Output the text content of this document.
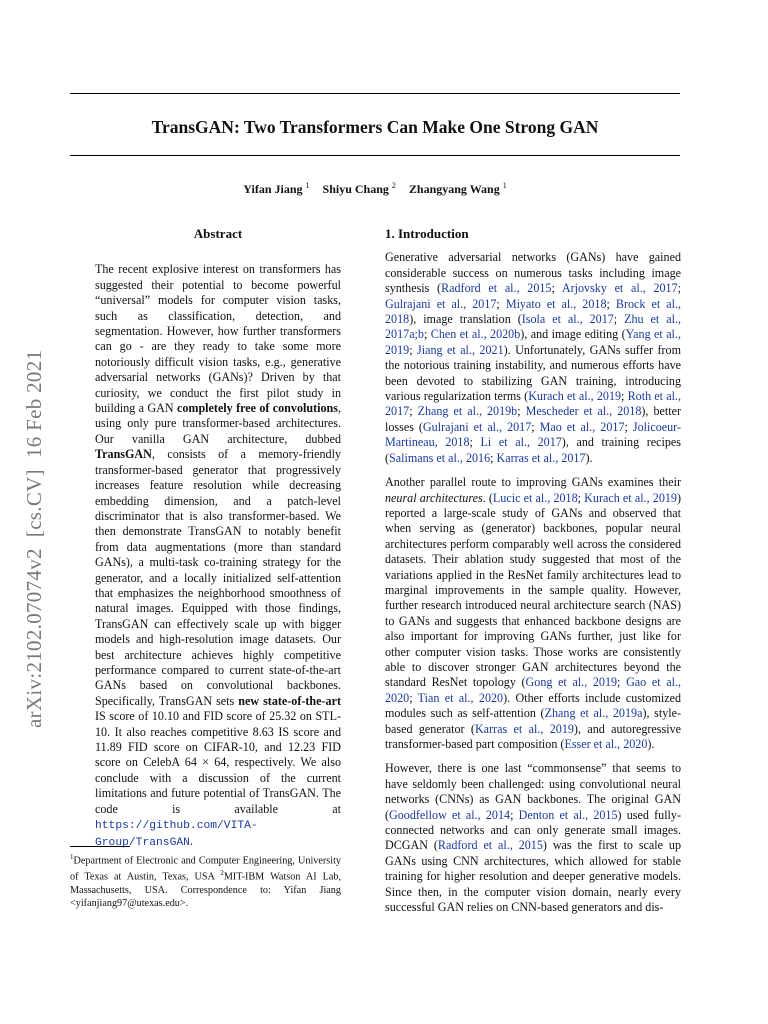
TransGAN: Two Transformers Can Make One Strong GAN
Yifan Jiang $^1$ Shiyu Chang $^2$ Zhangyang Wang $^1$
arXiv:2102.07074v2  [cs.CV]  16 Feb 2021
Abstract
The recent explosive interest on transformers has suggested their potential to become powerful “universal” models for computer vision tasks, such as classification, detection, and segmentation. However, how further transformers can go - are they ready to take some more notoriously difficult vision tasks, e.g., generative adversarial networks (GANs)? Driven by that curiosity, we conduct the first pilot study in building a GAN completely free of convolutions, using only pure transformer-based architectures. Our vanilla GAN architecture, dubbed TransGAN, consists of a memory-friendly transformer-based generator that progressively increases feature resolution while decreasing embedding dimension, and a patch-level discriminator that is also transformer-based. We then demonstrate TransGAN to notably benefit from data augmentations (more than standard GANs), a multi-task co-training strategy for the generator, and a locally initialized self-attention that emphasizes the neighborhood smoothness of natural images. Equipped with those findings, TransGAN can effectively scale up with bigger models and high-resolution image datasets. Our best architecture achieves highly competitive performance compared to current state-of-the-art GANs based on convolutional backbones. Specifically, TransGAN sets new state-of-the-art IS score of 10.10 and FID score of 25.32 on STL-10. It also reaches competitive 8.63 IS score and 11.89 FID score on CIFAR-10, and 12.23 FID score on CelebA 64 × 64, respectively. We also conclude with a discussion of the current limitations and future potential of TransGAN. The code is available at https://github.com/VITA-Group/TransGAN.
$^1$Department of Electronic and Computer Engineering, University of Texas at Austin, Texas, USA $^2$MIT-IBM Watson AI Lab, Massachusetts, USA. Correspondence to: Yifan Jiang <yifanjiang97@utexas.edu>.
1. Introduction
Generative adversarial networks (GANs) have gained considerable success on numerous tasks including image synthesis (Radford et al., 2015; Arjovsky et al., 2017; Gulrajani et al., 2017; Miyato et al., 2018; Brock et al., 2018), image translation (Isola et al., 2017; Zhu et al., 2017a;b; Chen et al., 2020b), and image editing (Yang et al., 2019; Jiang et al., 2021). Unfortunately, GANs suffer from the notorious training instability, and numerous efforts have been devoted to stabilizing GAN training, introducing various regularization terms (Kurach et al., 2019; Roth et al., 2017; Zhang et al., 2019b; Mescheder et al., 2018), better losses (Gulrajani et al., 2017; Mao et al., 2017; Jolicoeur-Martineau, 2018; Li et al., 2017), and training recipes (Salimans et al., 2016; Karras et al., 2017).
Another parallel route to improving GANs examines their neural architectures. (Lucic et al., 2018; Kurach et al., 2019) reported a large-scale study of GANs and observed that when serving as (generator) backbones, popular neural architectures perform comparably well across the considered datasets. Their ablation study suggested that most of the variations applied in the ResNet family architectures lead to marginal improvements in the sample quality. However, further research introduced neural architecture search (NAS) to GANs and suggests that enhanced backbone designs are also important for improving GANs further, just like for other computer vision tasks. Those works are consistently able to discover stronger GAN architectures beyond the standard ResNet topology (Gong et al., 2019; Gao et al., 2020; Tian et al., 2020). Other efforts include customized modules such as self-attention (Zhang et al., 2019a), style-based generator (Karras et al., 2019), and autoregressive transformer-based part composition (Esser et al., 2020).
However, there is one last “commonsense” that seems to have seldomly been challenged: using convolutional neural networks (CNNs) as GAN backbones. The original GAN (Goodfellow et al., 2014; Denton et al., 2015) used fully-connected networks and can only generate small images. DCGAN (Radford et al., 2015) was the first to scale up GANs using CNN architectures, which allowed for stable training for higher resolution and deeper generative models. Since then, in the computer vision domain, nearly every successful GAN relies on CNN-based generators and dis-
